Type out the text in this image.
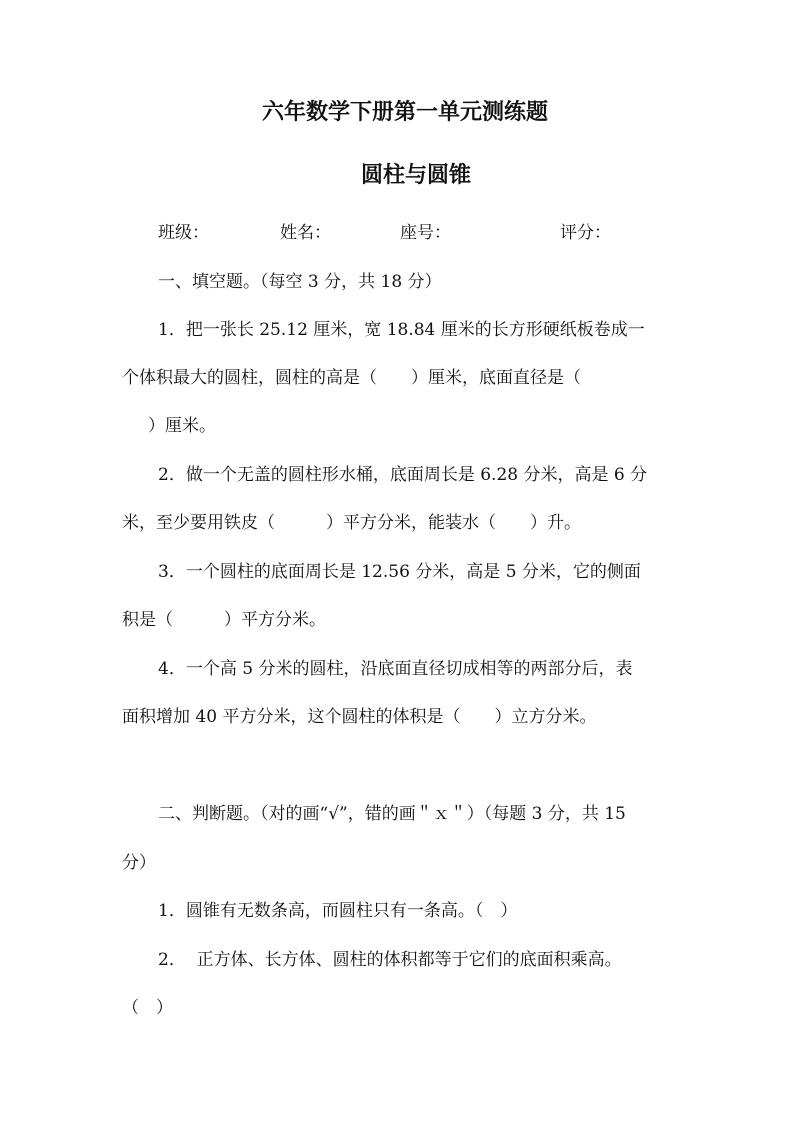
六年数学下册第一单元测练题
圆柱与圆锥
班级：	姓名：	座号：	评分：
一、填空题。（每空 3 分，共 18 分）
1．把一张长 25.12 厘米，宽 18.84 厘米的长方形硬纸板卷成一
个体积最大的圆柱，圆柱的高是（　　）厘米，底面直径是（
）厘米。
2．做一个无盖的圆柱形水桶，底面周长是 6.28 分米，高是 6 分
米，至少要用铁皮（　　　）平方分米，能装水（　　）升。
3．一个圆柱的底面周长是 12.56 分米，高是 5 分米，它的侧面
积是（　　　）平方分米。
4．一个高 5 分米的圆柱，沿底面直径切成相等的两部分后，表
面积增加 40 平方分米，这个圆柱的体积是（　　）立方分米。
二、判断题。（对的画“√”，错的画＂ｘ＂）（每题 3 分，共 15
分）
1．圆锥有无数条高，而圆柱只有一条高。（　）
2．  正方体、长方体、圆柱的体积都等于它们的底面积乘高。
（　）
